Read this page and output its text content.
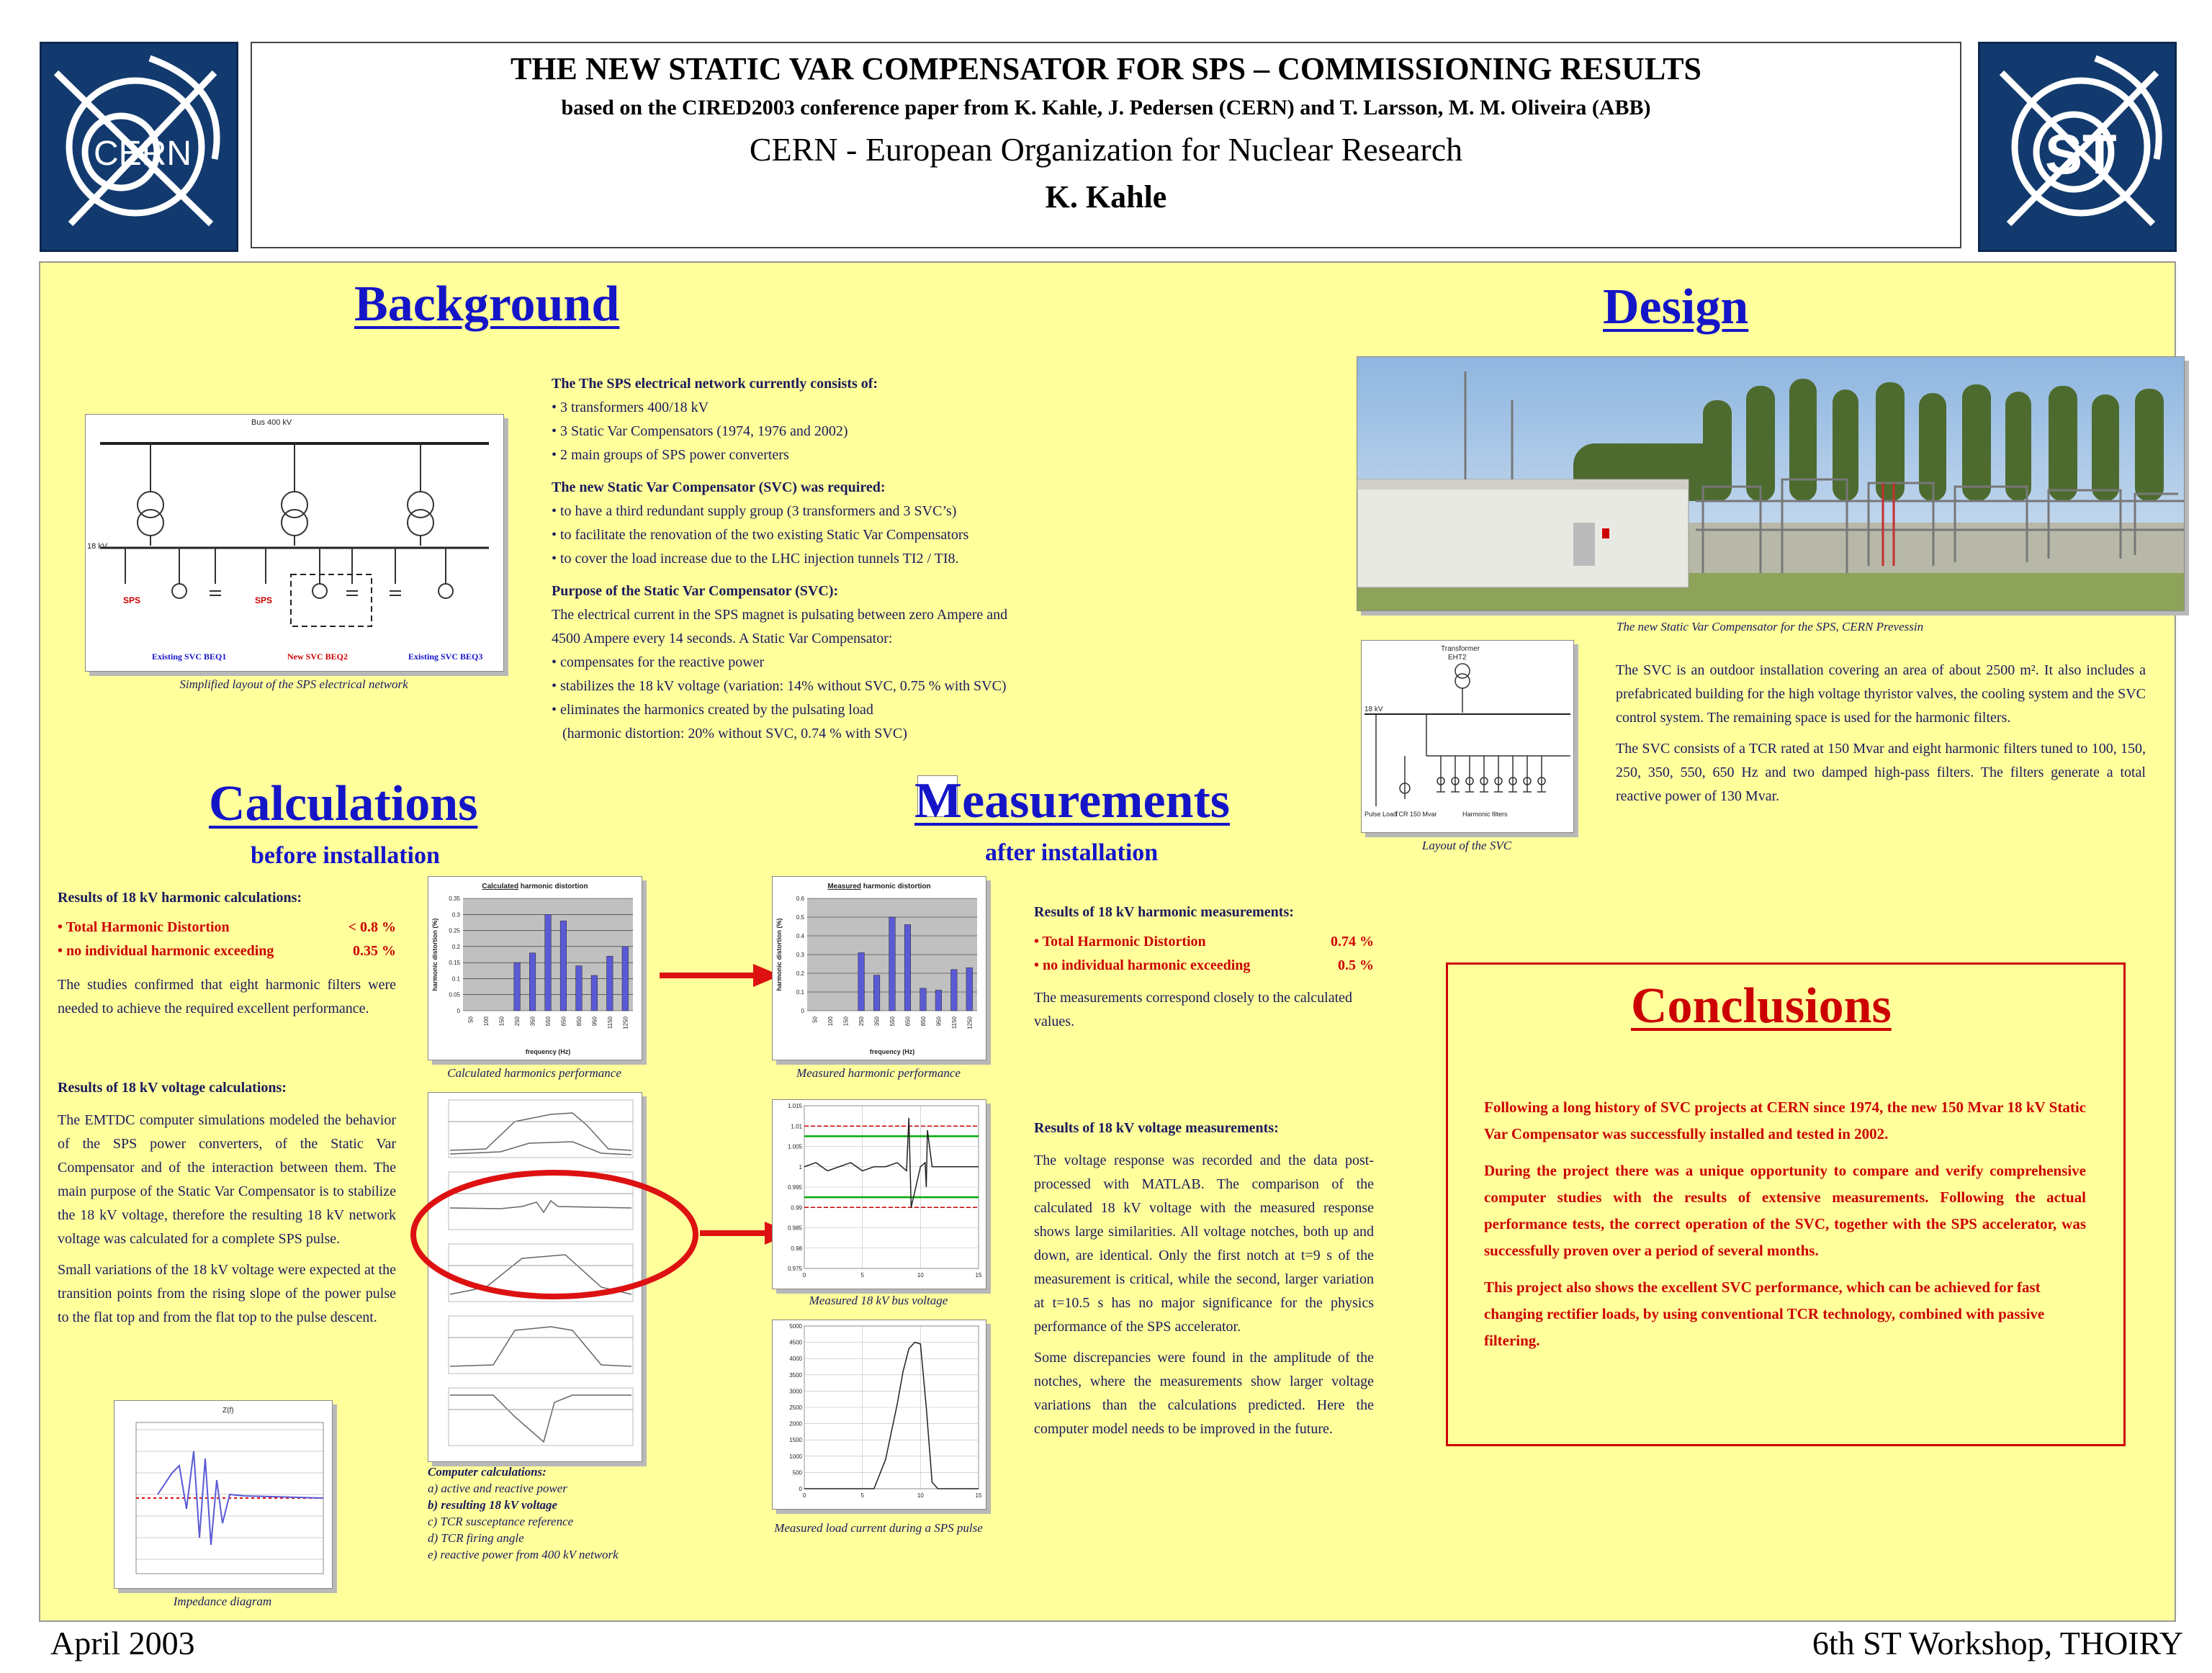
CERN	ST
THE NEW STATIC VAR COMPENSATOR FOR SPS – COMMISSIONING RESULTS
based on the CIRED2003 conference paper from K. Kahle, J. Pedersen (CERN) and T. Larsson, M. M. Oliveira (ABB)
CERN - European Organization for Nuclear Research
K. Kahle
Background
Bus 400 kV
18 kV
SPS	SPS
Existing SVC BEQ1	New SVC BEQ2	Existing SVC BEQ3
Simplified layout of the SPS electrical network
The The SPS electrical network currently consists of:
• 3 transformers 400/18 kV
• 3 Static Var Compensators (1974, 1976 and 2002)
• 2 main groups of SPS power converters
The new Static Var Compensator (SVC) was required:
• to have a third redundant supply group (3 transformers and 3 SVC’s)
• to facilitate the renovation of the two existing Static Var Compensators
• to cover the load increase due to the LHC injection tunnels TI2 / TI8.
Purpose of the Static Var Compensator (SVC):
The electrical current in the SPS magnet is pulsating between zero Ampere and
4500 Ampere every 14 seconds. A Static Var Compensator:
• compensates for the reactive power
• stabilizes the 18 kV voltage (variation: 14% without SVC, 0.75 % with SVC)
• eliminates the harmonics created by the pulsating load
(harmonic distortion: 20% without SVC, 0.74 % with SVC)
Design
The new Static Var Compensator for the SPS, CERN Prevessin
Transformer
EHT2
18 kV
Pulse Load
TCR 150 Mvar	Harmonic filters
Layout of the SVC

The SVC is an outdoor installation covering an area of about 2500 m². It also includes a prefabricated building for the high voltage thyristor valves, the cooling system and the SVC control system. The remaining space is used for the harmonic filters.

The SVC consists of a TCR rated at 150 Mvar and eight harmonic filters tuned to 100, 150, 250, 350, 550, 650 Hz and two damped high-pass filters. The filters generate a total reactive power of 130 Mvar.

Calculations
before installation
Results of 18 kV harmonic calculations:
• Total Harmonic Distortion	< 0.8 %
• no individual harmonic exceeding	0.35 %

The studies confirmed that eight harmonic filters were needed to achieve the required excellent performance.

Results of 18 kV voltage calculations:

The EMTDC computer simulations modeled the behavior of the SPS power converters, of the Static Var Compensator and of the interaction between them. The main purpose of the Static Var Compensator is to stabilize the 18 kV voltage, therefore the resulting 18 kV network voltage was calculated for a complete SPS pulse.

Small variations of the 18 kV voltage were expected at the transition points from the rising slope of the power pulse to the flat top and from the flat top to the pulse descent.

Calculated harmonic distortion
0
0.05
0.1
0.15
0.2
0.25
0.3
0.35
50 100 150 250 350 550 650 850 950 1150 1250
frequency (Hz)
harmonic distortion (%)
Calculated harmonics performance
Computer calculations:
a) active and reactive power
b) resulting 18 kV voltage
c) TCR susceptance reference
d) TCR firing angle
e) reactive power from 400 kV network
Z(f)
Impedance diagram
Measurements
after installation
Measured harmonic distortion
0
0.1
0.2
0.3
0.4
0.5
0.6
50 100 150 250 350 550 650 850 950 1150 1250
frequency (Hz)
harmonic distortion (%)
Measured harmonic performance
0.975
0.98
0.985
0.99
0.995
1
1.005
1.01
1.015
0	5	10	15
Measured 18 kV bus voltage
0
500
1000
1500
2000
2500
3000
3500
4000
4500
5000
0	5	10	15
Measured load current during a SPS pulse
Results of 18 kV harmonic measurements:
• Total Harmonic Distortion	0.74 %
• no individual harmonic exceeding	0.5 %

The measurements correspond closely to the calculated values.

Results of 18 kV voltage measurements:

The voltage response was recorded and the data post-processed with MATLAB. The comparison of the calculated 18 kV voltage with the measured response shows large similarities. All voltage notches, both up and down, are identical. Only the first notch at t=9 s of the measurement is critical, while the second, larger variation at t=10.5 s has no major significance for the physics performance of the SPS accelerator.

Some discrepancies were found in the amplitude of the notches, where the measurements show larger voltage variations than the calculations predicted. Here the computer model needs to be improved in the future.

Conclusions

Following a long history of SVC projects at CERN since 1974, the new 150 Mvar 18 kV Static Var Compensator was successfully installed and tested in 2002.

During the project there was a unique opportunity to compare and verify comprehensive computer studies with the results of extensive measurements. Following the actual performance tests, the correct operation of the SVC, together with the SPS accelerator, was successfully proven over a period of several months.

This project also shows the excellent SVC performance, which can be achieved for fast changing rectifier loads, by using conventional TCR technology, combined with passive filtering.

April 2003	6th ST Workshop, THOIRY
